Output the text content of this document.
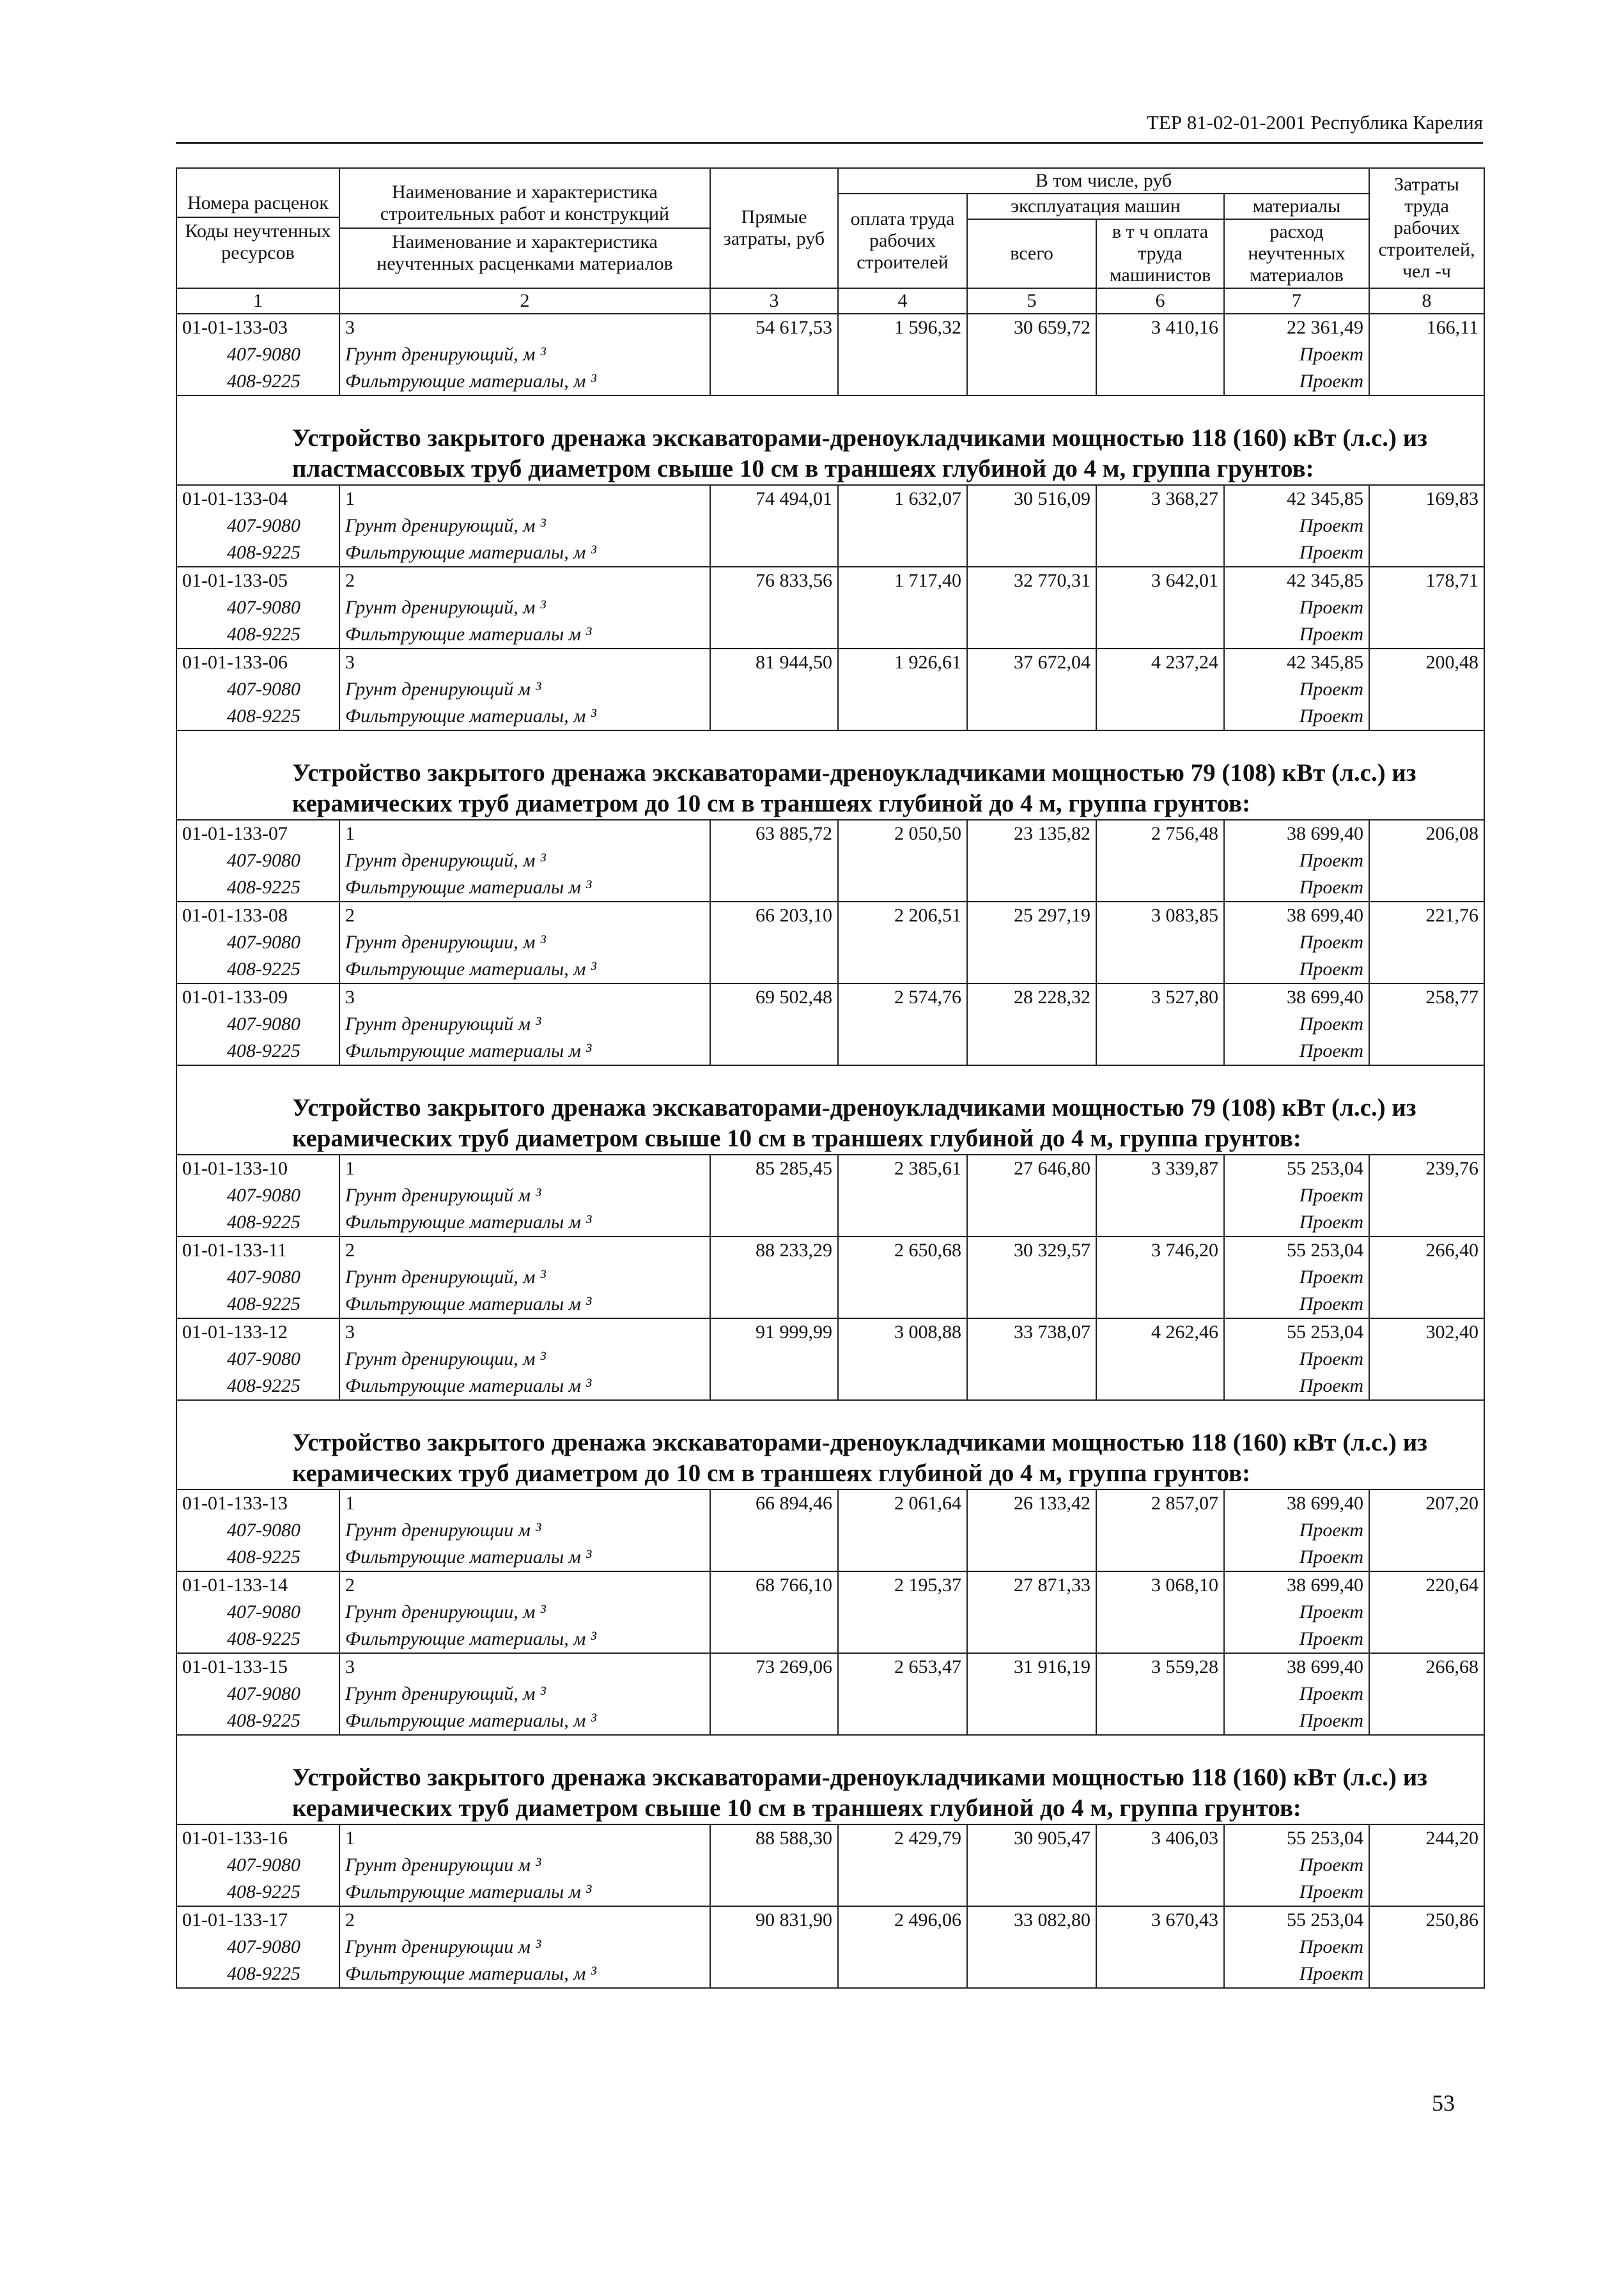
ТЕР 81-02-01-2001 Республика Карелия
Номера расценок
Коды неучтенных ресурсов	Наименование и характеристика строительных работ и конструкций
Наименование и характеристика неучтенных расценками материалов	Прямые затраты, руб	В том числе, руб				Затраты труда рабочих строителей, чел -ч
			оплата труда рабочих строителей	эксплуатация машин		материалы	
				всего	в т ч оплата труда машинистов	расход неучтенных материалов	
1	2	3	4	5	6	7	8
01-01-133-03	3	54 617,53	1 596,32	30 659,72	3 410,16	22 361,49	166,11
407-9080	Грунт дренирующий, м ³					Проект	
408-9225	Фильтрующие материалы, м ³					Проект	
Устройство закрытого дренажа экскаваторами-дреноукладчиками мощностью 118 (160) кВт (л.с.) из пластмассовых труб диаметром свыше 10 см в траншеях глубиной до 4 м, группа грунтов:							
01-01-133-04	1	74 494,01	1 632,07	30 516,09	3 368,27	42 345,85	169,83
407-9080	Грунт дренирующий, м ³					Проект	
408-9225	Фильтрующие материалы, м ³					Проект	
01-01-133-05	2	76 833,56	1 717,40	32 770,31	3 642,01	42 345,85	178,71
407-9080	Грунт дренирующий, м ³					Проект	
408-9225	Фильтрующие материалы м ³					Проект	
01-01-133-06	3	81 944,50	1 926,61	37 672,04	4 237,24	42 345,85	200,48
407-9080	Грунт дренирующий м ³					Проект	
408-9225	Фильтрующие материалы, м ³					Проект	
Устройство закрытого дренажа экскаваторами-дреноукладчиками мощностью 79 (108) кВт (л.с.) из керамических труб диаметром до 10 см в траншеях глубиной до 4 м, группа грунтов:							
01-01-133-07	1	63 885,72	2 050,50	23 135,82	2 756,48	38 699,40	206,08
407-9080	Грунт дренирующий, м ³					Проект	
408-9225	Фильтрующие материалы м ³					Проект	
01-01-133-08	2	66 203,10	2 206,51	25 297,19	3 083,85	38 699,40	221,76
407-9080	Грунт дренирующии, м ³					Проект	
408-9225	Фильтрующие материалы, м ³					Проект	
01-01-133-09	3	69 502,48	2 574,76	28 228,32	3 527,80	38 699,40	258,77
407-9080	Грунт дренирующий м ³					Проект	
408-9225	Фильтрующие материалы м ³					Проект	
Устройство закрытого дренажа экскаваторами-дреноукладчиками мощностью 79 (108) кВт (л.с.) из керамических труб диаметром свыше 10 см в траншеях глубиной до 4 м, группа грунтов:							
01-01-133-10	1	85 285,45	2 385,61	27 646,80	3 339,87	55 253,04	239,76
407-9080	Грунт дренирующий м ³					Проект	
408-9225	Фильтрующие материалы м ³					Проект	
01-01-133-11	2	88 233,29	2 650,68	30 329,57	3 746,20	55 253,04	266,40
407-9080	Грунт дренирующий, м ³					Проект	
408-9225	Фильтрующие материалы м ³					Проект	
01-01-133-12	3	91 999,99	3 008,88	33 738,07	4 262,46	55 253,04	302,40
407-9080	Грунт дренирующии, м ³					Проект	
408-9225	Фильтрующие материалы м ³					Проект	
Устройство закрытого дренажа экскаваторами-дреноукладчиками мощностью 118 (160) кВт (л.с.) из керамических труб диаметром до 10 см в траншеях глубиной до 4 м, группа грунтов:							
01-01-133-13	1	66 894,46	2 061,64	26 133,42	2 857,07	38 699,40	207,20
407-9080	Грунт дренирующии м ³					Проект	
408-9225	Фильтрующие материалы м ³					Проект	
01-01-133-14	2	68 766,10	2 195,37	27 871,33	3 068,10	38 699,40	220,64
407-9080	Грунт дренирующии, м ³					Проект	
408-9225	Фильтрующие материалы, м ³					Проект	
01-01-133-15	3	73 269,06	2 653,47	31 916,19	3 559,28	38 699,40	266,68
407-9080	Грунт дренирующий, м ³					Проект	
408-9225	Фильтрующие материалы, м ³					Проект	
Устройство закрытого дренажа экскаваторами-дреноукладчиками мощностью 118 (160) кВт (л.с.) из керамических труб диаметром свыше 10 см в траншеях глубиной до 4 м, группа грунтов:							
01-01-133-16	1	88 588,30	2 429,79	30 905,47	3 406,03	55 253,04	244,20
407-9080	Грунт дренирующии м ³					Проект	
408-9225	Фильтрующие материалы м ³					Проект	
01-01-133-17	2	90 831,90	2 496,06	33 082,80	3 670,43	55 253,04	250,86
407-9080	Грунт дренирующии м ³					Проект	
408-9225	Фильтрующие материалы, м ³					Проект	
53
